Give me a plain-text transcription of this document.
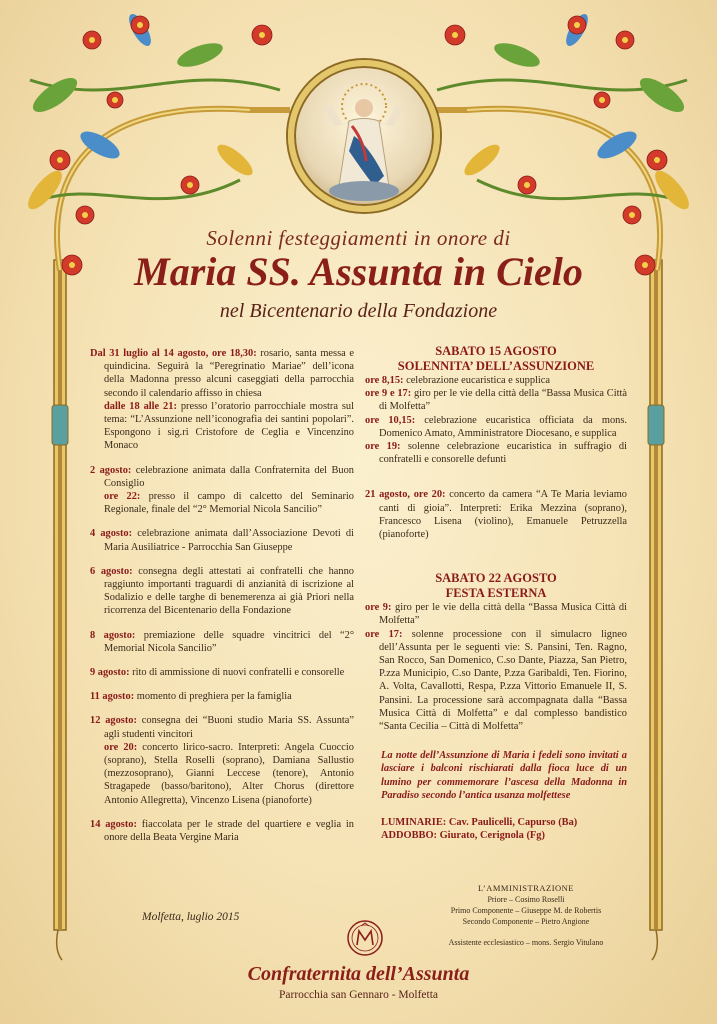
Solenni festeggiamenti in onore di
Maria SS. Assunta in Cielo
nel Bicentenario della Fondazione
Dal 31 luglio al 14 agosto, ore 18,30: rosario, santa messa e quindicina. Seguirà la “Peregrinatio Mariae” dell’icona della Madonna presso alcuni caseggiati della parrocchia secondo il calendario affisso in chiesa
dalle 18 alle 21: presso l’oratorio parrocchiale mostra sul tema: “L’Assunzione nell’iconografia dei santini popolari”. Espongono i sig.ri Cristofore de Ceglia e Vincenzino Monaco
2 agosto: celebrazione animata dalla Confraternita del Buon Consiglio
ore 22: presso il campo di calcetto del Seminario Regionale, finale del “2° Memorial Nicola Sancilio”
4 agosto: celebrazione animata dall’Associazione Devoti di Maria Ausiliatrice - Parrocchia San Giuseppe
6 agosto: consegna degli attestati ai confratelli che hanno raggiunto importanti traguardi di anzianità di iscrizione al Sodalizio e delle targhe di benemerenza ai già Priori nella ricorrenza del Bicentenario della Fondazione
8 agosto: premiazione delle squadre vincitrici del “2° Memorial Nicola Sancilio”
9 agosto: rito di ammissione di nuovi confratelli e consorelle
11 agosto: momento di preghiera per la famiglia
12 agosto: consegna dei “Buoni studio Maria SS. Assunta” agli studenti vincitori
ore 20: concerto lirico-sacro. Interpreti: Angela Cuoccio (soprano), Stella Roselli (soprano), Damiana Sallustio (mezzosoprano), Gianni Leccese (tenore), Antonio Stragapede (basso/baritono), Alter Chorus (direttore Antonio Allegretta), Vincenzo Lisena (pianoforte)
14 agosto: fiaccolata per le strade del quartiere e veglia in onore della Beata Vergine Maria

SABATO 15 AGOSTO

SOLENNITA’ DELL’ASSUNZIONE

ore 8,15: celebrazione eucaristica e supplica
ore 9 e 17: giro per le vie della città della “Bassa Musica Città di Molfetta”
ore 10,15: celebrazione eucaristica officiata da mons. Domenico Amato, Amministratore Diocesano, e supplica
ore 19: solenne celebrazione eucaristica in suffragio di confratelli e consorelle defunti
21 agosto, ore 20: concerto da camera “A Te Maria leviamo canti di gioia”. Interpreti: Erika Mezzina (soprano), Francesco Lisena (violino), Emanuele Petruzzella (pianoforte)

SABATO 22 AGOSTO

FESTA ESTERNA

ore 9: giro per le vie della città della “Bassa Musica Città di Molfetta”
ore 17: solenne processione con il simulacro ligneo dell’Assunta per le seguenti vie: S. Pansini, Ten. Ragno, San Rocco, San Domenico, C.so Dante, Piazza, San Pietro, P.zza Municipio, C.so Dante, P.zza Garibaldi, Ten. Fiorino, A. Volta, Cavallotti, Respa, P.zza Vittorio Emanuele II, S. Pansini. La processione sarà accompagnata dalla “Bassa Musica Città di Molfetta” e dal complesso bandistico “Santa Cecilia – Città di Molfetta”
La notte dell’Assunzione di Maria i fedeli sono invitati a lasciare i balconi rischiarati dalla fioca luce di un lumino per commemorare l’ascesa della Madonna in Paradiso secondo l’antica usanza molfettese
LUMINARIE: Cav. Paulicelli, Capurso (Ba)
ADDOBBO: Giurato, Cerignola (Fg)
Molfetta, luglio 2015
L’AMMINISTRAZIONE
Priore – Cosimo Roselli
Primo Componente – Giuseppe M. de Robertis
Secondo Componente – Pietro Angione
Assistente ecclesiastico – mons. Sergio Vitulano
Confraternita dell’Assunta
Parrocchia san Gennaro - Molfetta
